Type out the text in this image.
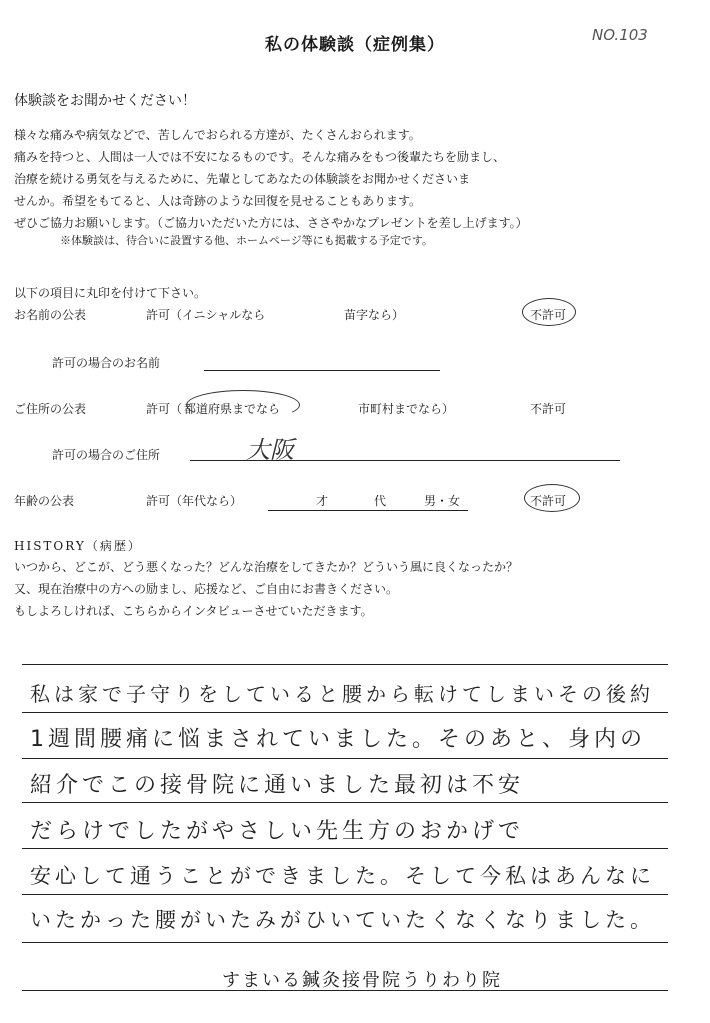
私の体験談（症例集）	NO.103
体験談をお聞かせください！
様々な痛みや病気などで、苦しんでおられる方達が、たくさんおられます。
痛みを持つと、人間は一人では不安になるものです。そんな痛みをもつ後輩たちを励まし、
治療を続ける勇気を与えるために、先輩としてあなたの体験談をお聞かせくださいま
せんか。希望をもてると、人は奇跡のような回復を見せることもあります。
ぜひご協力お願いします。（ご協力いただいた方には、ささやかなプレゼントを差し上げます。）
※体験談は、待合いに設置する他、ホームページ等にも掲載する予定です。
以下の項目に丸印を付けて下さい。
お名前の公表	許可（イニシャルなら	苗字なら）	不許可
許可の場合のお名前
ご住所の公表	許可（ 都道府県までなら	市町村までなら）	不許可
許可の場合のご住所	大阪
年齢の公表	許可（年代なら）	才	代	男・女	不許可
HISTORY（病歴）
いつから、どこが、どう悪くなった？どんな治療をしてきたか？どういう風に良くなったか？
又、現在治療中の方への励まし、応援など、ご自由にお書きください。
もしよろしければ、こちらからインタビューさせていただきます。
私は家で子守りをしていると腰から転けてしまいその後約
1週間腰痛に悩まされていました。そのあと、身内の
紹介でこの接骨院に通いました最初は不安
だらけでしたがやさしい先生方のおかげで
安心して通うことができました。そして今私はあんなに
いたかった腰がいたみがひいていたくなくなりました。
すまいる鍼灸接骨院うりわり院
